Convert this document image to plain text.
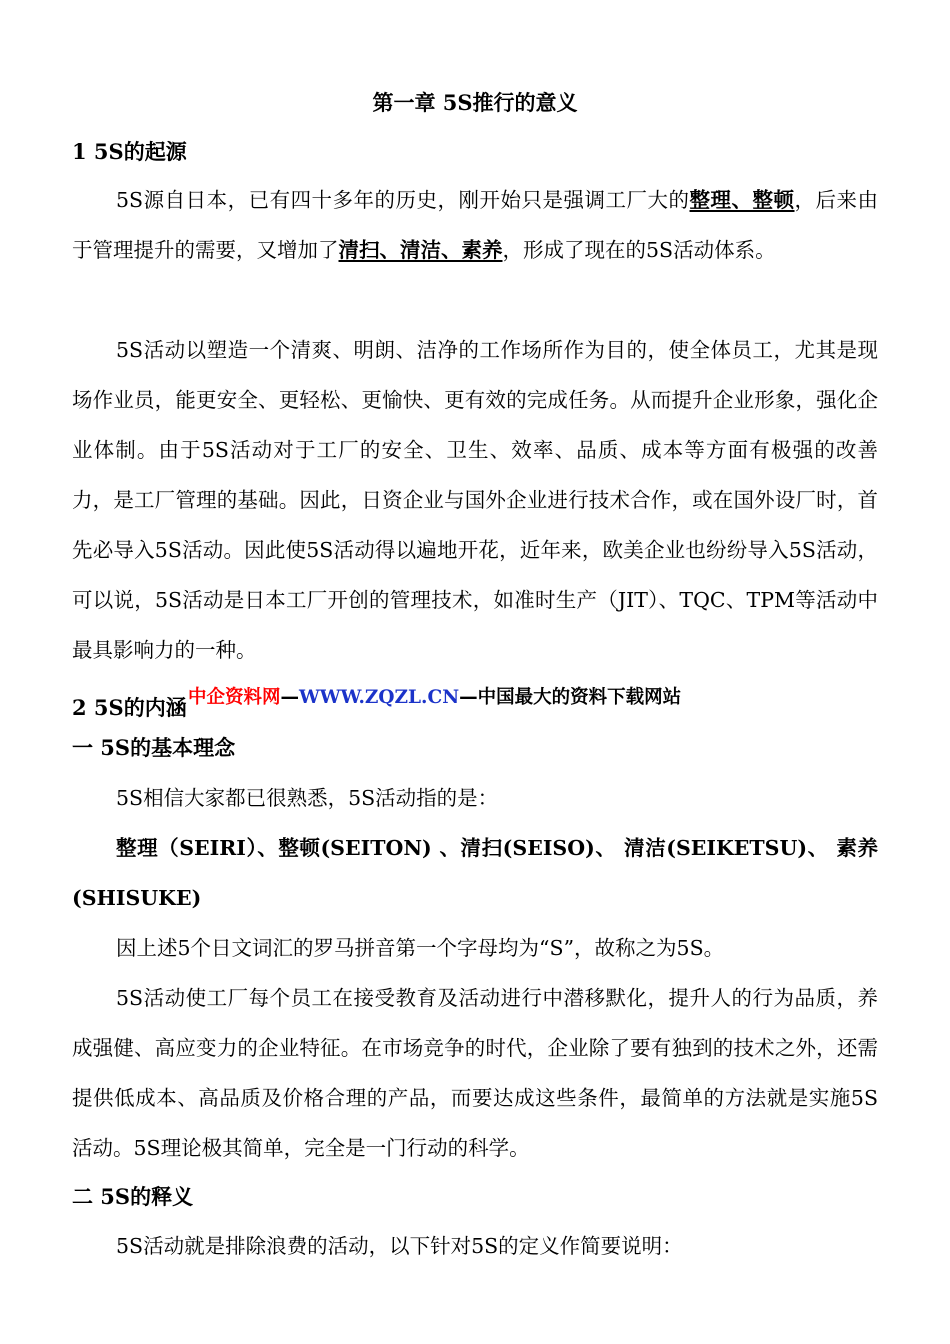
第一章 5S推行的意义
1 5S的起源

5S源自日本，已有四十多年的历史，刚开始只是强调工厂大的整理、整顿，后来由于管理提升的需要，又增加了清扫、清洁、素养，形成了现在的5S活动体系。

5S活动以塑造一个清爽、明朗、洁净的工作场所作为目的，使全体员工，尤其是现场作业员，能更安全、更轻松、更愉快、更有效的完成任务。从而提升企业形象，强化企业体制。由于5S活动对于工厂的安全、卫生、效率、品质、成本等方面有极强的改善力，是工厂管理的基础。因此，日资企业与国外企业进行技术合作，或在国外设厂时，首先必导入5S活动。因此使5S活动得以遍地开花，近年来，欧美企业也纷纷导入5S活动，可以说，5S活动是日本工厂开创的管理技术，如准时生产（JIT）、TQC、TPM等活动中最具影响力的一种。

2 5S的内涵 中企资料网—WWW.ZQZL.CN—中国最大的资料下载网站
一 5S的基本理念

5S相信大家都已很熟悉，5S活动指的是：

整理（SEIRI）、整顿(SEITON) 、清扫(SEISO)、 清洁(SEIKETSU)、 素养(SHISUKE)

因上述5个日文词汇的罗马拼音第一个字母均为“S”，故称之为5S。

5S活动使工厂每个员工在接受教育及活动进行中潜移默化，提升人的行为品质，养成强健、高应变力的企业特征。在市场竞争的时代，企业除了要有独到的技术之外，还需提供低成本、高品质及价格合理的产品，而要达成这些条件，最简单的方法就是实施5S活动。5S理论极其简单，完全是一门行动的科学。

二 5S的释义

5S活动就是排除浪费的活动，以下针对5S的定义作简要说明：
